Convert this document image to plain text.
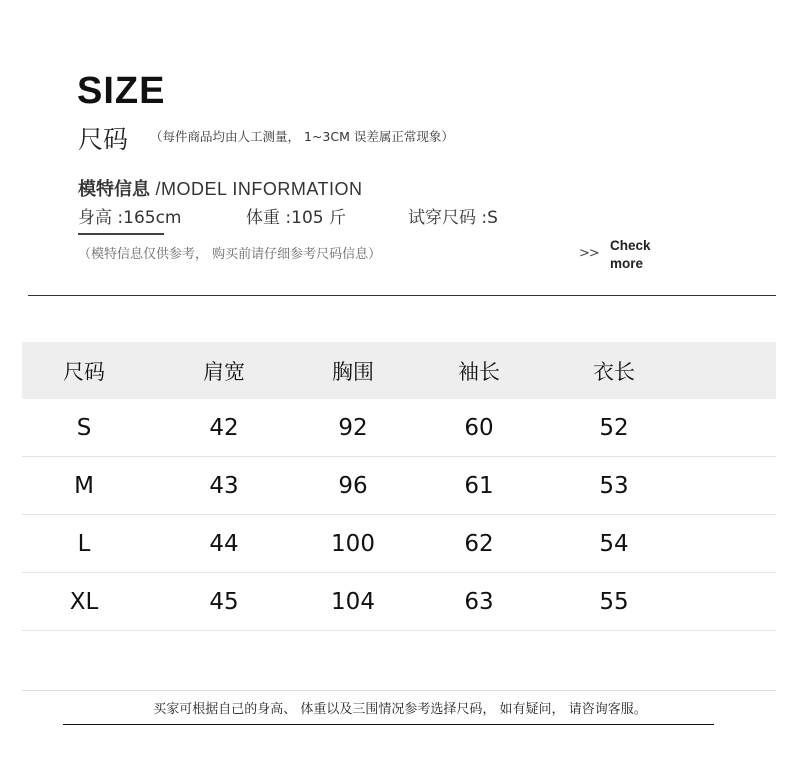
SIZE
尺码 （每件商品均由人工测量， 1~3CM 误差属正常现象）
模特信息 /MODEL INFORMATION
身高 :165cm	体重 :105 斤	试穿尺码 :S
（模特信息仅供参考， 购买前请仔细参考尺码信息）	>>
Check
more
尺码	肩宽	胸围	袖长	衣长
S	42	92	60	52
M	43	96	61	53
L	44	100	62	54
XL	45	104	63	55
买家可根据自己的身高、 体重以及三围情况参考选择尺码， 如有疑问， 请咨询客服。
